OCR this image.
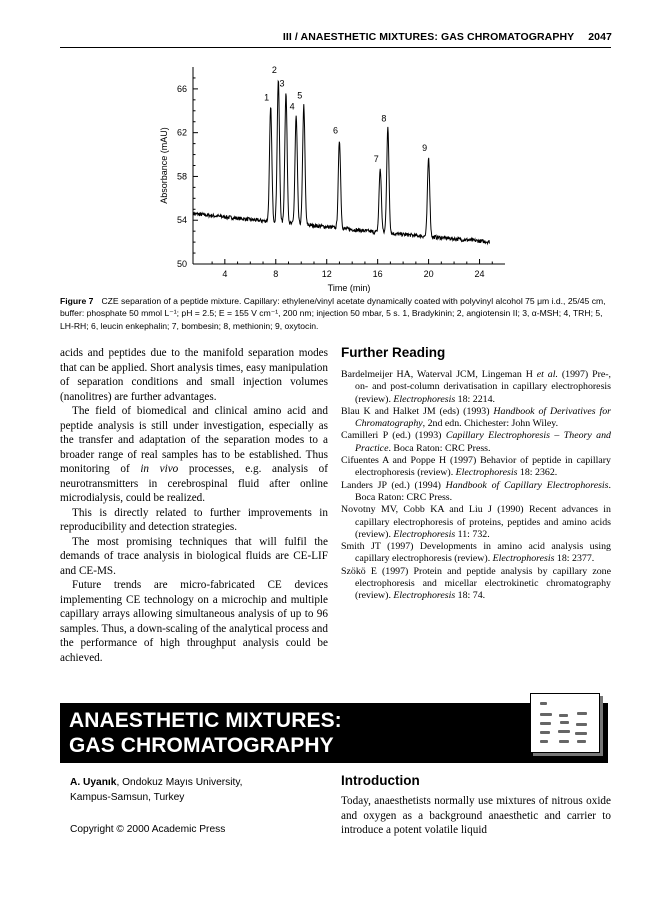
III / ANAESTHETIC MIXTURES: GAS CHROMATOGRAPHY 2047
4	8	12	16	20	24
50
54
58
62
66
1
2
3
4
5
6
7
8
9
Time (min)
Absorbance (mAU)
Figure 7 CZE separation of a peptide mixture. Capillary: ethylene/vinyl acetate dynamically coated with polyvinyl alcohol 75 μm i.d., 25/45 cm, buffer: phosphate 50 mmol L⁻¹; pH = 2.5; E = 155 V cm⁻¹, 200 nm; injection 50 mbar, 5 s. 1, Bradykinin; 2, angiotensin II; 3, α-MSH; 4, TRH; 5, LH-RH; 6, leucin enkephalin; 7, bombesin; 8, methionin; 9, oxytocin.

acids and peptides due to the manifold separation modes that can be applied. Short analysis times, easy manipulation of separation conditions and small injection volumes (nanolitres) are further advantages.

The field of biomedical and clinical amino acid and peptide analysis is still under investigation, especially as the transfer and adaptation of the separation modes to a broader range of real samples has to be established. Thus monitoring of in vivo processes, e.g. analysis of neurotransmitters in cerebrospinal fluid after online microdialysis, could be realized.

This is directly related to further improvements in reproducibility and detection strategies.

The most promising techniques that will fulfil the demands of trace analysis in biological fluids are CE-LIF and CE-MS.

Future trends are micro-fabricated CE devices implementing CE technology on a microchip and multiple capillary arrays allowing simultaneous analysis of up to 96 samples. Thus, a down-scaling of the analytical process and the performance of high throughput analysis could be achieved.

Further Reading

Bardelmeijer HA, Waterval JCM, Lingeman H et al. (1997) Pre-, on- and post-column derivatisation in capillary electrophoresis (review). Electrophoresis 18: 2214.

Blau K and Halket JM (eds) (1993) Handbook of Derivatives for Chromatography, 2nd edn. Chichester: John Wiley.

Camilleri P (ed.) (1993) Capillary Electrophoresis – Theory and Practice. Boca Raton: CRC Press.

Cifuentes A and Poppe H (1997) Behavior of peptide in capillary electrophoresis (review). Electrophoresis 18: 2362.

Landers JP (ed.) (1994) Handbook of Capillary Electrophoresis. Boca Raton: CRC Press.

Novotny MV, Cobb KA and Liu J (1990) Recent advances in capillary electrophoresis of proteins, peptides and amino acids (review). Electrophoresis 11: 732.

Smith JT (1997) Developments in amino acid analysis using capillary electrophoresis (review). Electrophoresis 18: 2377.

Szökö E (1997) Protein and peptide analysis by capillary zone electrophoresis and micellar electrokinetic chromatography (review). Electrophoresis 18: 74.

ANAESTHETIC MIXTURES:
GAS CHROMATOGRAPHY
A. Uyanık, Ondokuz Mayıs University,
Kampus-Samsun, Turkey
Copyright © 2000 Academic Press
Introduction

Today, anaesthetists normally use mixtures of nitrous oxide and oxygen as a background anaesthetic and carrier to introduce a potent volatile liquid
